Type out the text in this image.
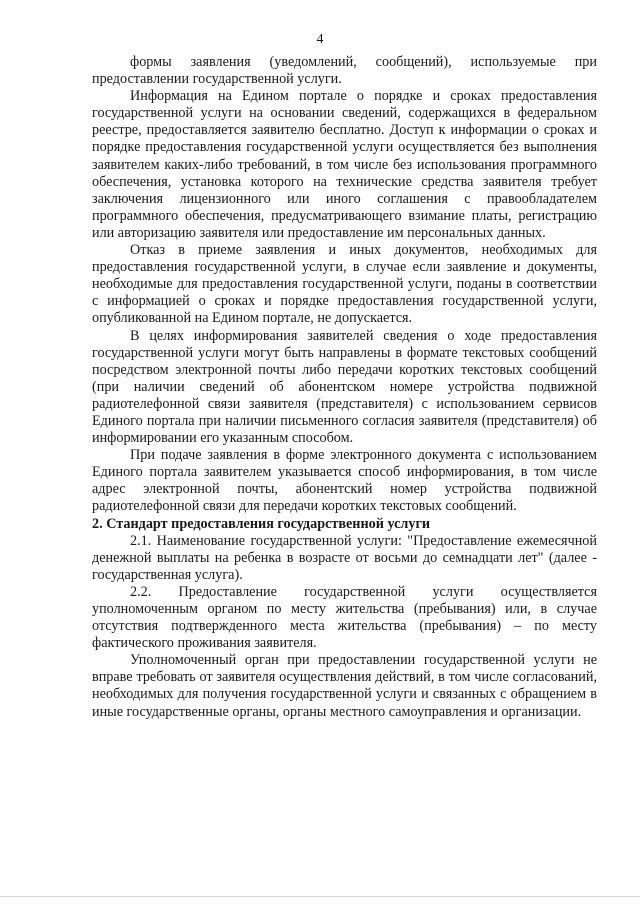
4

формы заявления (уведомлений, сообщений), используемые при предоставлении государственной услуги.

Информация на Едином портале о порядке и сроках предоставления государственной услуги на основании сведений, содержащихся в федеральном реестре, предоставляется заявителю бесплатно. Доступ к информации о сроках и порядке предоставления государственной услуги осуществляется без выполнения заявителем каких-либо требований, в том числе без использования программного обеспечения, установка которого на технические средства заявителя требует заключения лицензионного или иного соглашения с правообладателем программного обеспечения, предусматривающего взимание платы, регистрацию или авторизацию заявителя или предоставление им персональных данных.

Отказ в приеме заявления и иных документов, необходимых для предоставления государственной услуги, в случае если заявление и документы, необходимые для предоставления государственной услуги, поданы в соответствии с информацией о сроках и порядке предоставления государственной услуги, опубликованной на Едином портале, не допускается.

В целях информирования заявителей сведения о ходе предоставления государственной услуги могут быть направлены в формате текстовых сообщений посредством электронной почты либо передачи коротких текстовых сообщений (при наличии сведений об абонентском номере устройства подвижной радиотелефонной связи заявителя (представителя) с использованием сервисов Единого портала при наличии письменного согласия заявителя (представителя) об информировании его указанным способом.

При подаче заявления в форме электронного документа с использованием Единого портала заявителем указывается способ информирования, в том числе адрес электронной почты, абонентский номер устройства подвижной радиотелефонной связи для передачи коротких текстовых сообщений.

2. Стандарт предоставления государственной услуги

2.1. Наименование государственной услуги: "Предоставление ежемесячной денежной выплаты на ребенка в возрасте от восьми до семнадцати лет" (далее - государственная услуга).

2.2. Предоставление государственной услуги осуществляется уполномоченным органом по месту жительства (пребывания) или, в случае отсутствия подтвержденного места жительства (пребывания) – по месту фактического проживания заявителя.

Уполномоченный орган при предоставлении государственной услуги не вправе требовать от заявителя осуществления действий, в том числе согласований, необходимых для получения государственной услуги и связанных с обращением в иные государственные органы, органы местного самоуправления и организации.
